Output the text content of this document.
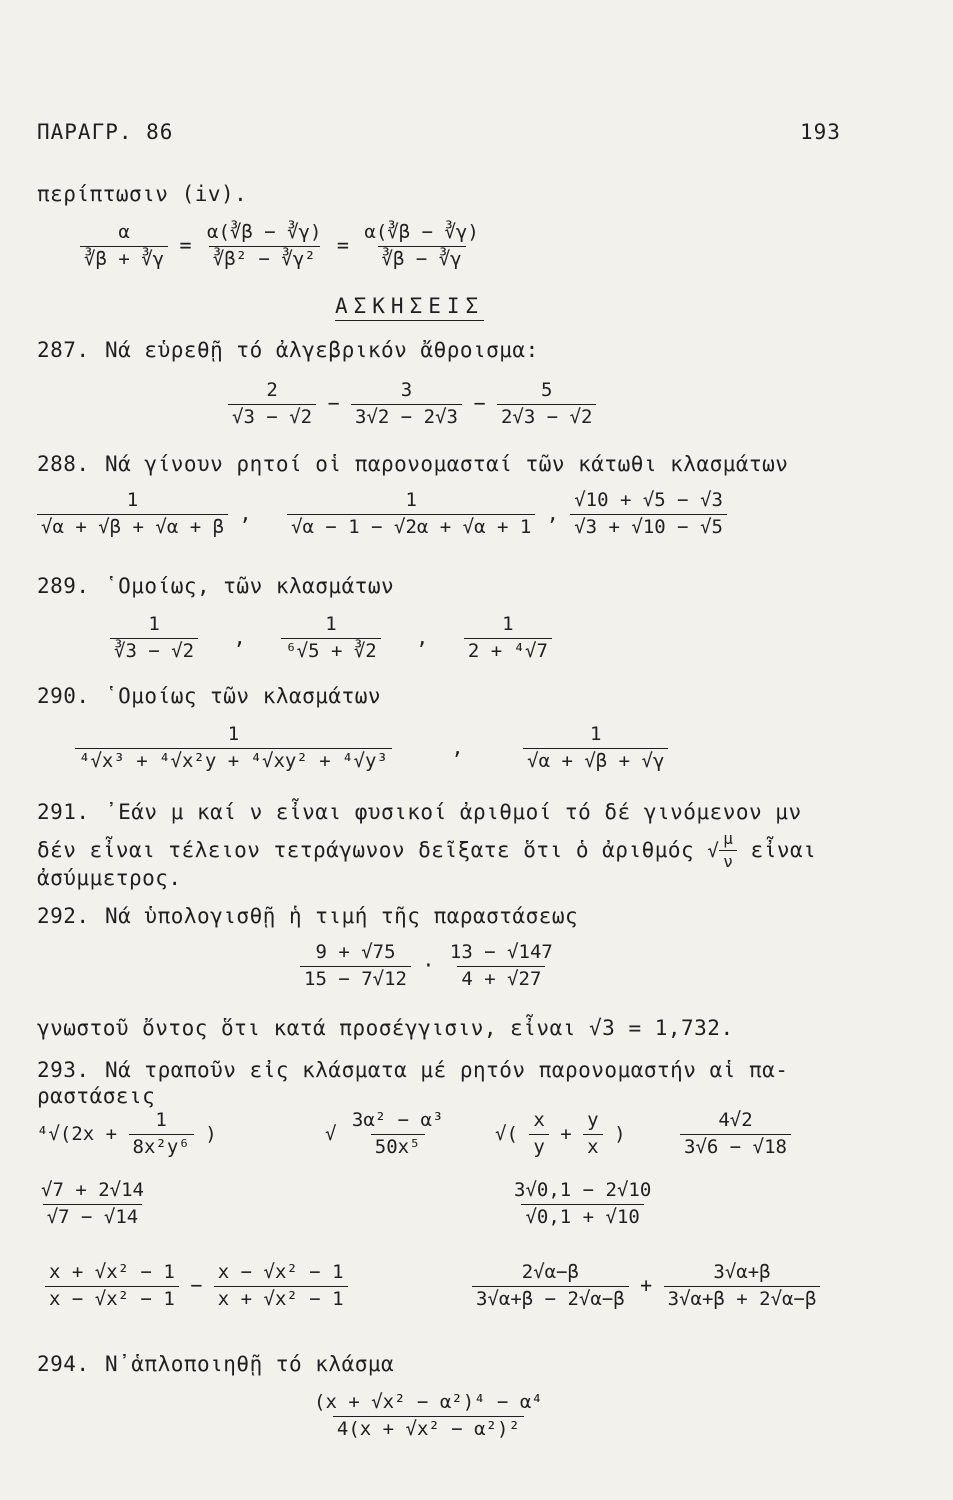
ΠΑΡΑΓΡ. 86	193
περίπτωσιν (iv).
$\frac{\alpha}{∛\beta + ∛\gamma} = \frac{\alpha(∛\beta - ∛\gamma)}{\text{∛β² − ∛γ²}} = \frac{\alpha(∛\beta - ∛\gamma)}{∛\beta - ∛\gamma}$
ΑΣΚΗΣΕΙΣ
287. Νά εὑρεθῇ τό ἀλγεβρικόν ἄθροισμα:
$\frac{2}{√3 - √2} - \frac{3}{3√2 - 2√3} - \frac{5}{2√3 - √2}$
288. Νά γίνουν ρητοί οἱ παρονομασταί τῶν κάτωθι κλασμάτων
$\frac{1}{√\alpha + √\beta + √\alpha + \beta}$ , $\frac{1}{√\alpha - 1 - √2\alpha + √\alpha + 1}$ , $\frac{√10 + √5 - √3}{√3 + √10 - √5}$
289. ῾Ομοίως, τῶν κλασμάτων
$\frac{1}{∛3 - √2}$ , $\frac{1}{\text{⁶√5 + ∛2}}$ , $\frac{1}{\text{2 + ⁴√7}}$
290. ῾Ομοίως τῶν κλασμάτων
$\frac{1}{\text{⁴√x³ + ⁴√x²y + ⁴√xy² + ⁴√y³}}$ , $\frac{1}{√\alpha + √\beta + √\gamma}$
291. ᾿Εάν μ καί ν εἶναι φυσικοί ἀριθμοί τό δέ γινόμενον μν
δέν εἶναι τέλειον τετράγωνον δεῖξατε ὅτι ὁ ἀριθμός √ $\frac{\mu}{\nu}$ εἶναι
ἀσύμμετρος.
292. Νά ὑπολογισθῇ ἡ τιμή τῆς παραστάσεως
$\frac{9 + √75}{15 - 7√12} \cdot \frac{13 - √147}{4 + √27}$
γνωστοῦ ὄντος ὅτι κατά προσέγγισιν, εἶναι √3 = 1,732.
293. Νά τραποῦν εἰς κλάσματα μέ ρητόν παρονομαστήν αἱ πα-
ραστάσεις
$^4√(2x + \frac{1}{\text{8x²y⁶}}$ )	√ $\frac{\text{3α² − α³}}{\text{50x⁵}}$	√( $\frac{x}{y} + \frac{y}{x}$ )	$\frac{4√2}{3√6 - √18}$
$\frac{√7 + 2√14}{√7 - √14}$	$\frac{3√0,1 - 2√10}{√0,1 + √10}$
$\frac{\text{x + √x² − 1}}{\text{x − √x² − 1}} - \frac{\text{x − √x² − 1}}{\text{x + √x² − 1}}$	$\frac{2√\alpha-\beta}{3√\alpha+\beta - 2√\alpha-\beta} + \frac{3√\alpha+\beta}{3√\alpha+\beta + 2√\alpha-\beta}$
294. Ν᾿ἁπλοποιηθῇ τό κλάσμα
$\frac{\text{(x + √x² − α²)⁴ − α⁴}}{\text{4(x + √x² − α²)²}}$
